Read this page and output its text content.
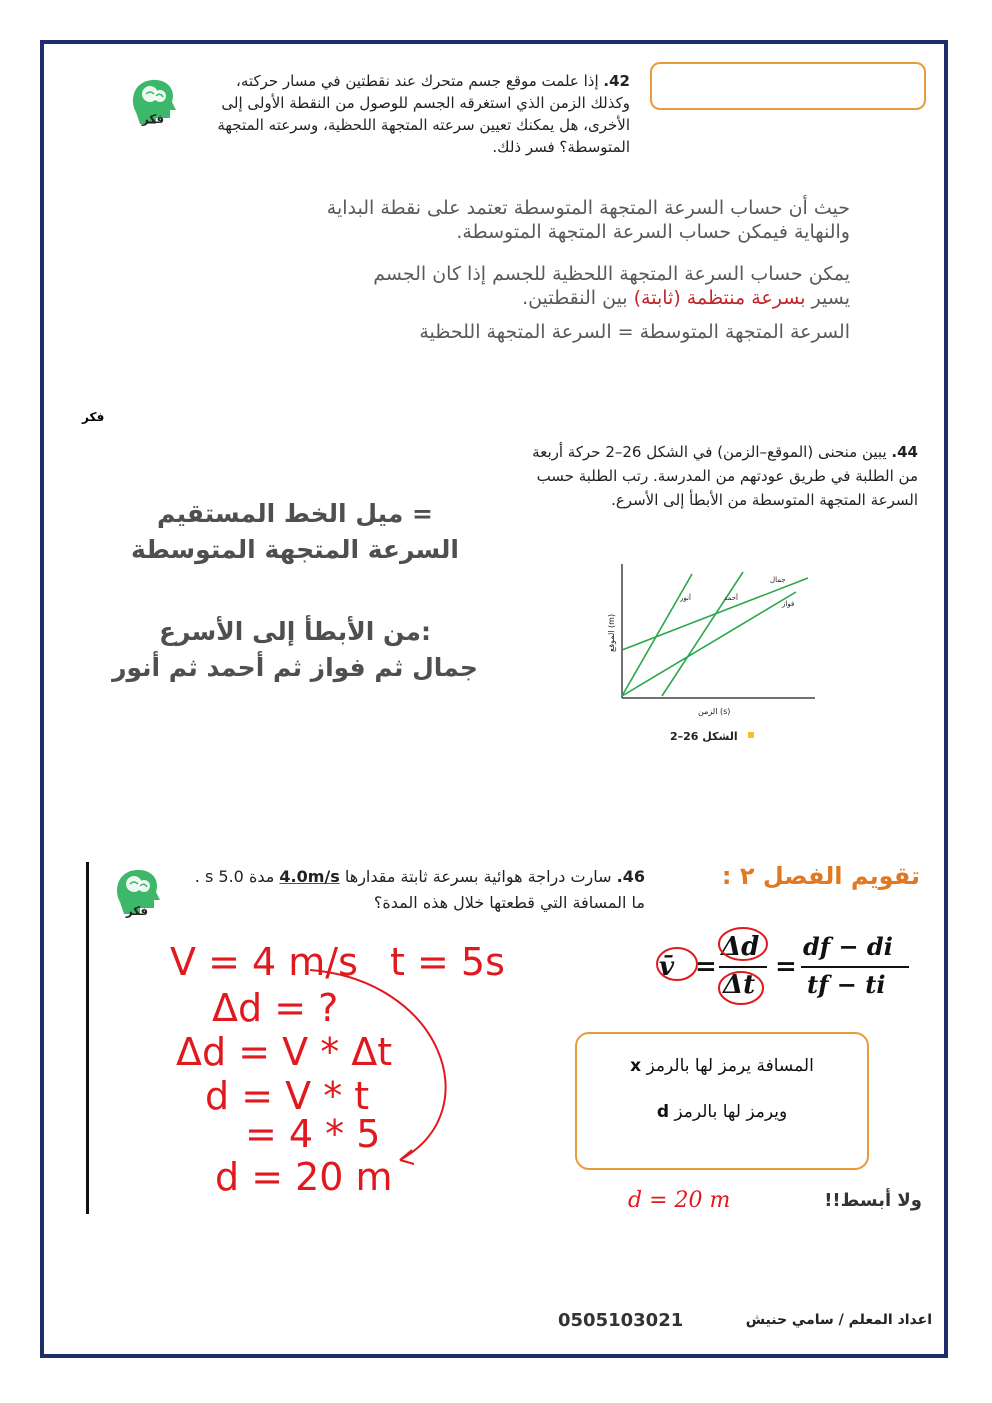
فكر
42. إذا علمت موقع جسم متحرك عند نقطتين في مسار حركته، وكذلك الزمن الذي استغرقه الجسم للوصول من النقطة الأولى إلى الأخرى، هل يمكنك تعيين سرعته المتجهة اللحظية، وسرعته المتجهة المتوسطة؟ فسر ذلك.
حيث أن حساب السرعة المتجهة المتوسطة تعتمد على نقطة البداية
والنهاية فيمكن حساب السرعة المتجهة المتوسطة.
يمكن حساب السرعة المتجهة اللحظية للجسم إذا كان الجسم
يسير بسرعة منتظمة (ثابتة) بين النقطتين.
السرعة المتجهة المتوسطة = السرعة المتجهة اللحظية
فكر
44. يبين منحنى (الموقع–الزمن) في الشكل 26–2 حركة أربعة من الطلبة في طريق عودتهم من المدرسة. رتب الطلبة حسب السرعة المتجهة المتوسطة من الأبطأ إلى الأسرع.
ميل الخط المستقيم =
السرعة المتجهة المتوسطة
من الأبطأ إلى الأسرع:
جمال ثم فواز ثم أحمد ثم أنور
أنور	أحمد
جمال
فواز
الموقع (m)
الزمن (s)
الشكل 26–2
فكر
تقويم الفصل ٢ :
46. سارت دراجة هوائية بسرعة ثابتة مقدارها 4.0m/s مدة 5.0 s . ما المسافة التي قطعتها خلال هذه المدة؟
V = 4 m/s t = 5s
Δd = ?
Δd = V * Δt
d = V * t
= 4 * 5
d = 20 m
v̄ =
Δd
Δt
=
df − di
tf − ti
المسافة يرمز لها بالرمز x
ويرمز لها بالرمز d
d = 20 m	ولا أبسط!!
0505103021	اعداد المعلم / سامي حنيش
